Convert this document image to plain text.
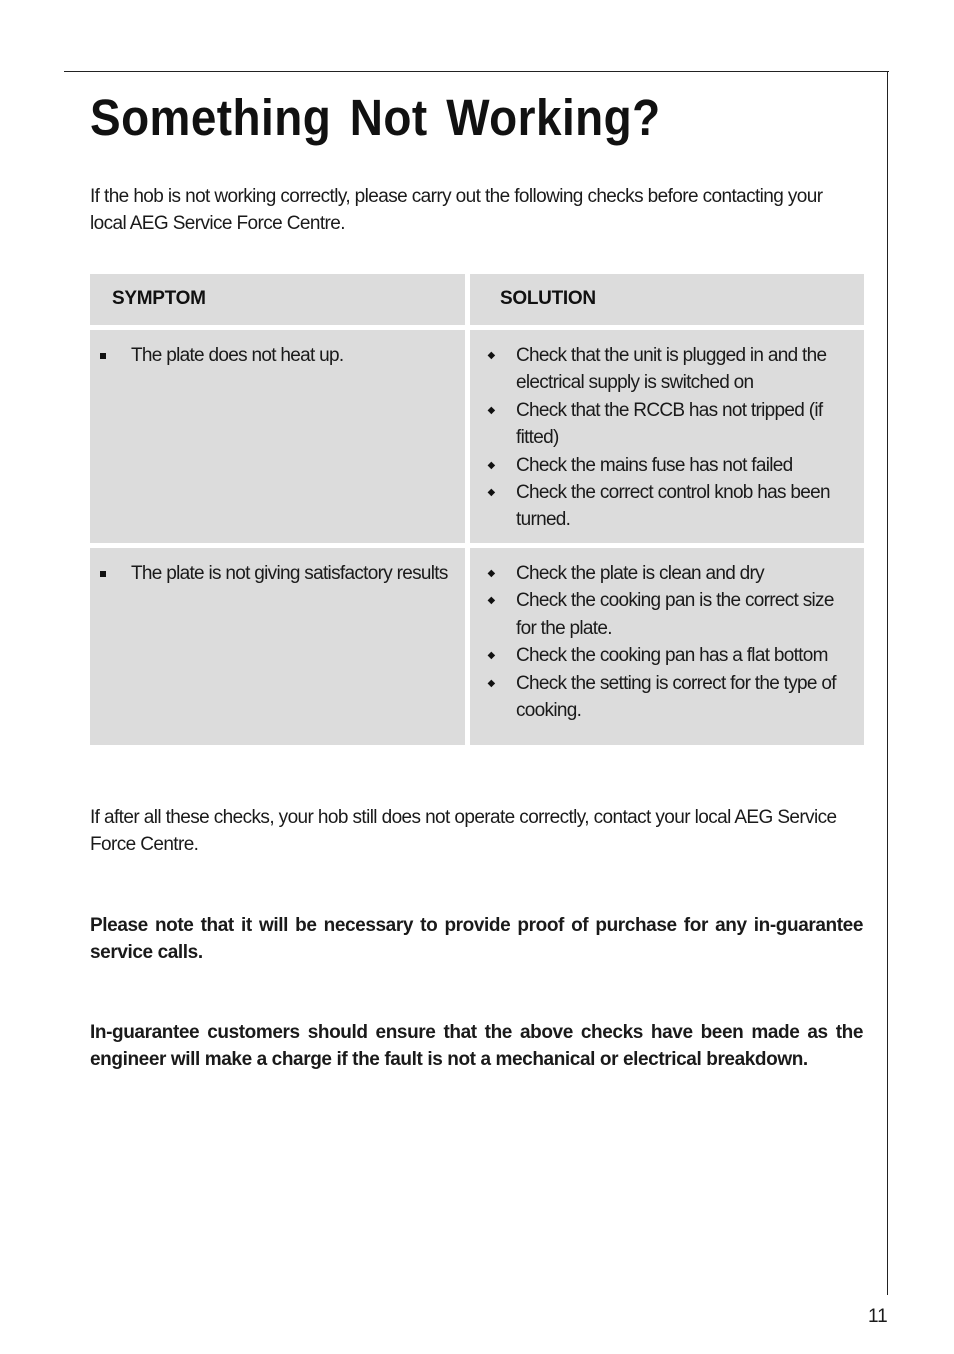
Something Not Working?

If the hob is not working correctly, please carry out the following checks before contacting your local AEG Service Force Centre.

SYMPTOM	SOLUTION
The plate does not heat up.	◆ Check that the unit is plugged in and the electrical supply is switched on
◆ Check that the RCCB has not tripped (if fitted)
◆ Check the mains fuse has not failed
◆ Check the correct control knob has been turned.
The plate is not giving satisfactory results	◆ Check the plate is clean and dry
◆ Check the cooking pan is the correct size for the plate.
◆ Check the cooking pan has a flat bottom
◆ Check the setting is correct for the type of cooking.

If after all these checks, your hob still does not operate correctly, contact your local AEG Service Force Centre.

Please note that it will be necessary to provide proof of purchase for any in-guarantee service calls.

In-guarantee customers should ensure that the above checks have been made as the engineer will make a charge if the fault is not a mechanical or electrical breakdown.

11
